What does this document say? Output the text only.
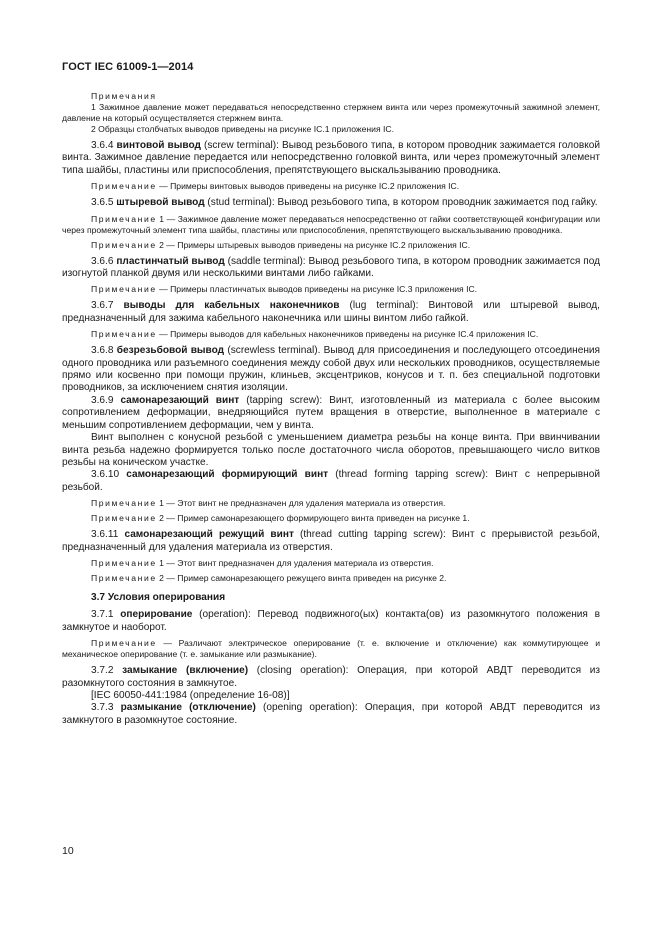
ГОСТ IEC 61009-1—2014

Примечания

1 Зажимное давление может передаваться непосредственно стержнем винта или через промежуточный зажимной элемент, давление на который осуществляется стержнем винта.

2 Образцы столбчатых выводов приведены на рисунке IC.1 приложения IC.

3.6.4 винтовой вывод (screw terminal): Вывод резьбового типа, в котором проводник зажимается головкой винта. Зажимное давление передается или непосредственно головкой винта, или через промежуточный элемент типа шайбы, пластины или приспособления, препятствующего выскальзыванию проводника.

Примечание — Примеры винтовых выводов приведены на рисунке IC.2 приложения IC.

3.6.5 штыревой вывод (stud terminal): Вывод резьбового типа, в котором проводник зажимается под гайку.

Примечание 1 — Зажимное давление может передаваться непосредственно от гайки соответствующей конфигурации или через промежуточный элемент типа шайбы, пластины или приспособления, препятствующего выскальзыванию проводника.

Примечание 2 — Примеры штыревых выводов приведены на рисунке IC.2 приложения IC.

3.6.6 пластинчатый вывод (saddle terminal): Вывод резьбового типа, в котором проводник зажимается под изогнутой планкой двумя или несколькими винтами либо гайками.

Примечание — Примеры пластинчатых выводов приведены на рисунке IC.3 приложения IC.

3.6.7 выводы для кабельных наконечников (lug terminal): Винтовой или штыревой вывод, предназначенный для зажима кабельного наконечника или шины винтом либо гайкой.

Примечание — Примеры выводов для кабельных наконечников приведены на рисунке IC.4 приложения IC.

3.6.8 безрезьбовой вывод (screwless terminal). Вывод для присоединения и последующего отсоединения одного проводника или разъемного соединения между собой двух или нескольких проводников, осуществляемые прямо или косвенно при помощи пружин, клиньев, эксцентриков, конусов и т. п. без специальной подготовки проводников, за исключением снятия изоляции.

3.6.9 самонарезающий винт (tapping screw): Винт, изготовленный из материала с более высоким сопротивлением деформации, внедряющийся путем вращения в отверстие, выполненное в материале с меньшим сопротивлением деформации, чем у винта.

Винт выполнен с конусной резьбой с уменьшением диаметра резьбы на конце винта. При ввинчивании винта резьба надежно формируется только после достаточного числа оборотов, превышающего число витков резьбы на коническом участке.

3.6.10 самонарезающий формирующий винт (thread forming tapping screw): Винт с непрерывной резьбой.

Примечание 1 — Этот винт не предназначен для удаления материала из отверстия.

Примечание 2 — Пример самонарезающего формирующего винта приведен на рисунке 1.

3.6.11 самонарезающий режущий винт (thread cutting tapping screw): Винт с прерывистой резьбой, предназначенный для удаления материала из отверстия.

Примечание 1 — Этот винт предназначен для удаления материала из отверстия.

Примечание 2 — Пример самонарезающего режущего винта приведен на рисунке 2.

3.7 Условия оперирования

3.7.1 оперирование (operation): Перевод подвижного(ых) контакта(ов) из разомкнутого положения в замкнутое и наоборот.

Примечание — Различают электрическое оперирование (т. е. включение и отключение) как коммутирующее и механическое оперирование (т. е. замыкание или размыкание).

3.7.2 замыкание (включение) (closing operation): Операция, при которой АВДТ переводится из разомкнутого состояния в замкнутое.

[IEC 60050-441:1984 (определение 16-08)]

3.7.3 размыкание (отключение) (opening operation): Операция, при которой АВДТ переводится из замкнутого в разомкнутое состояние.

10
